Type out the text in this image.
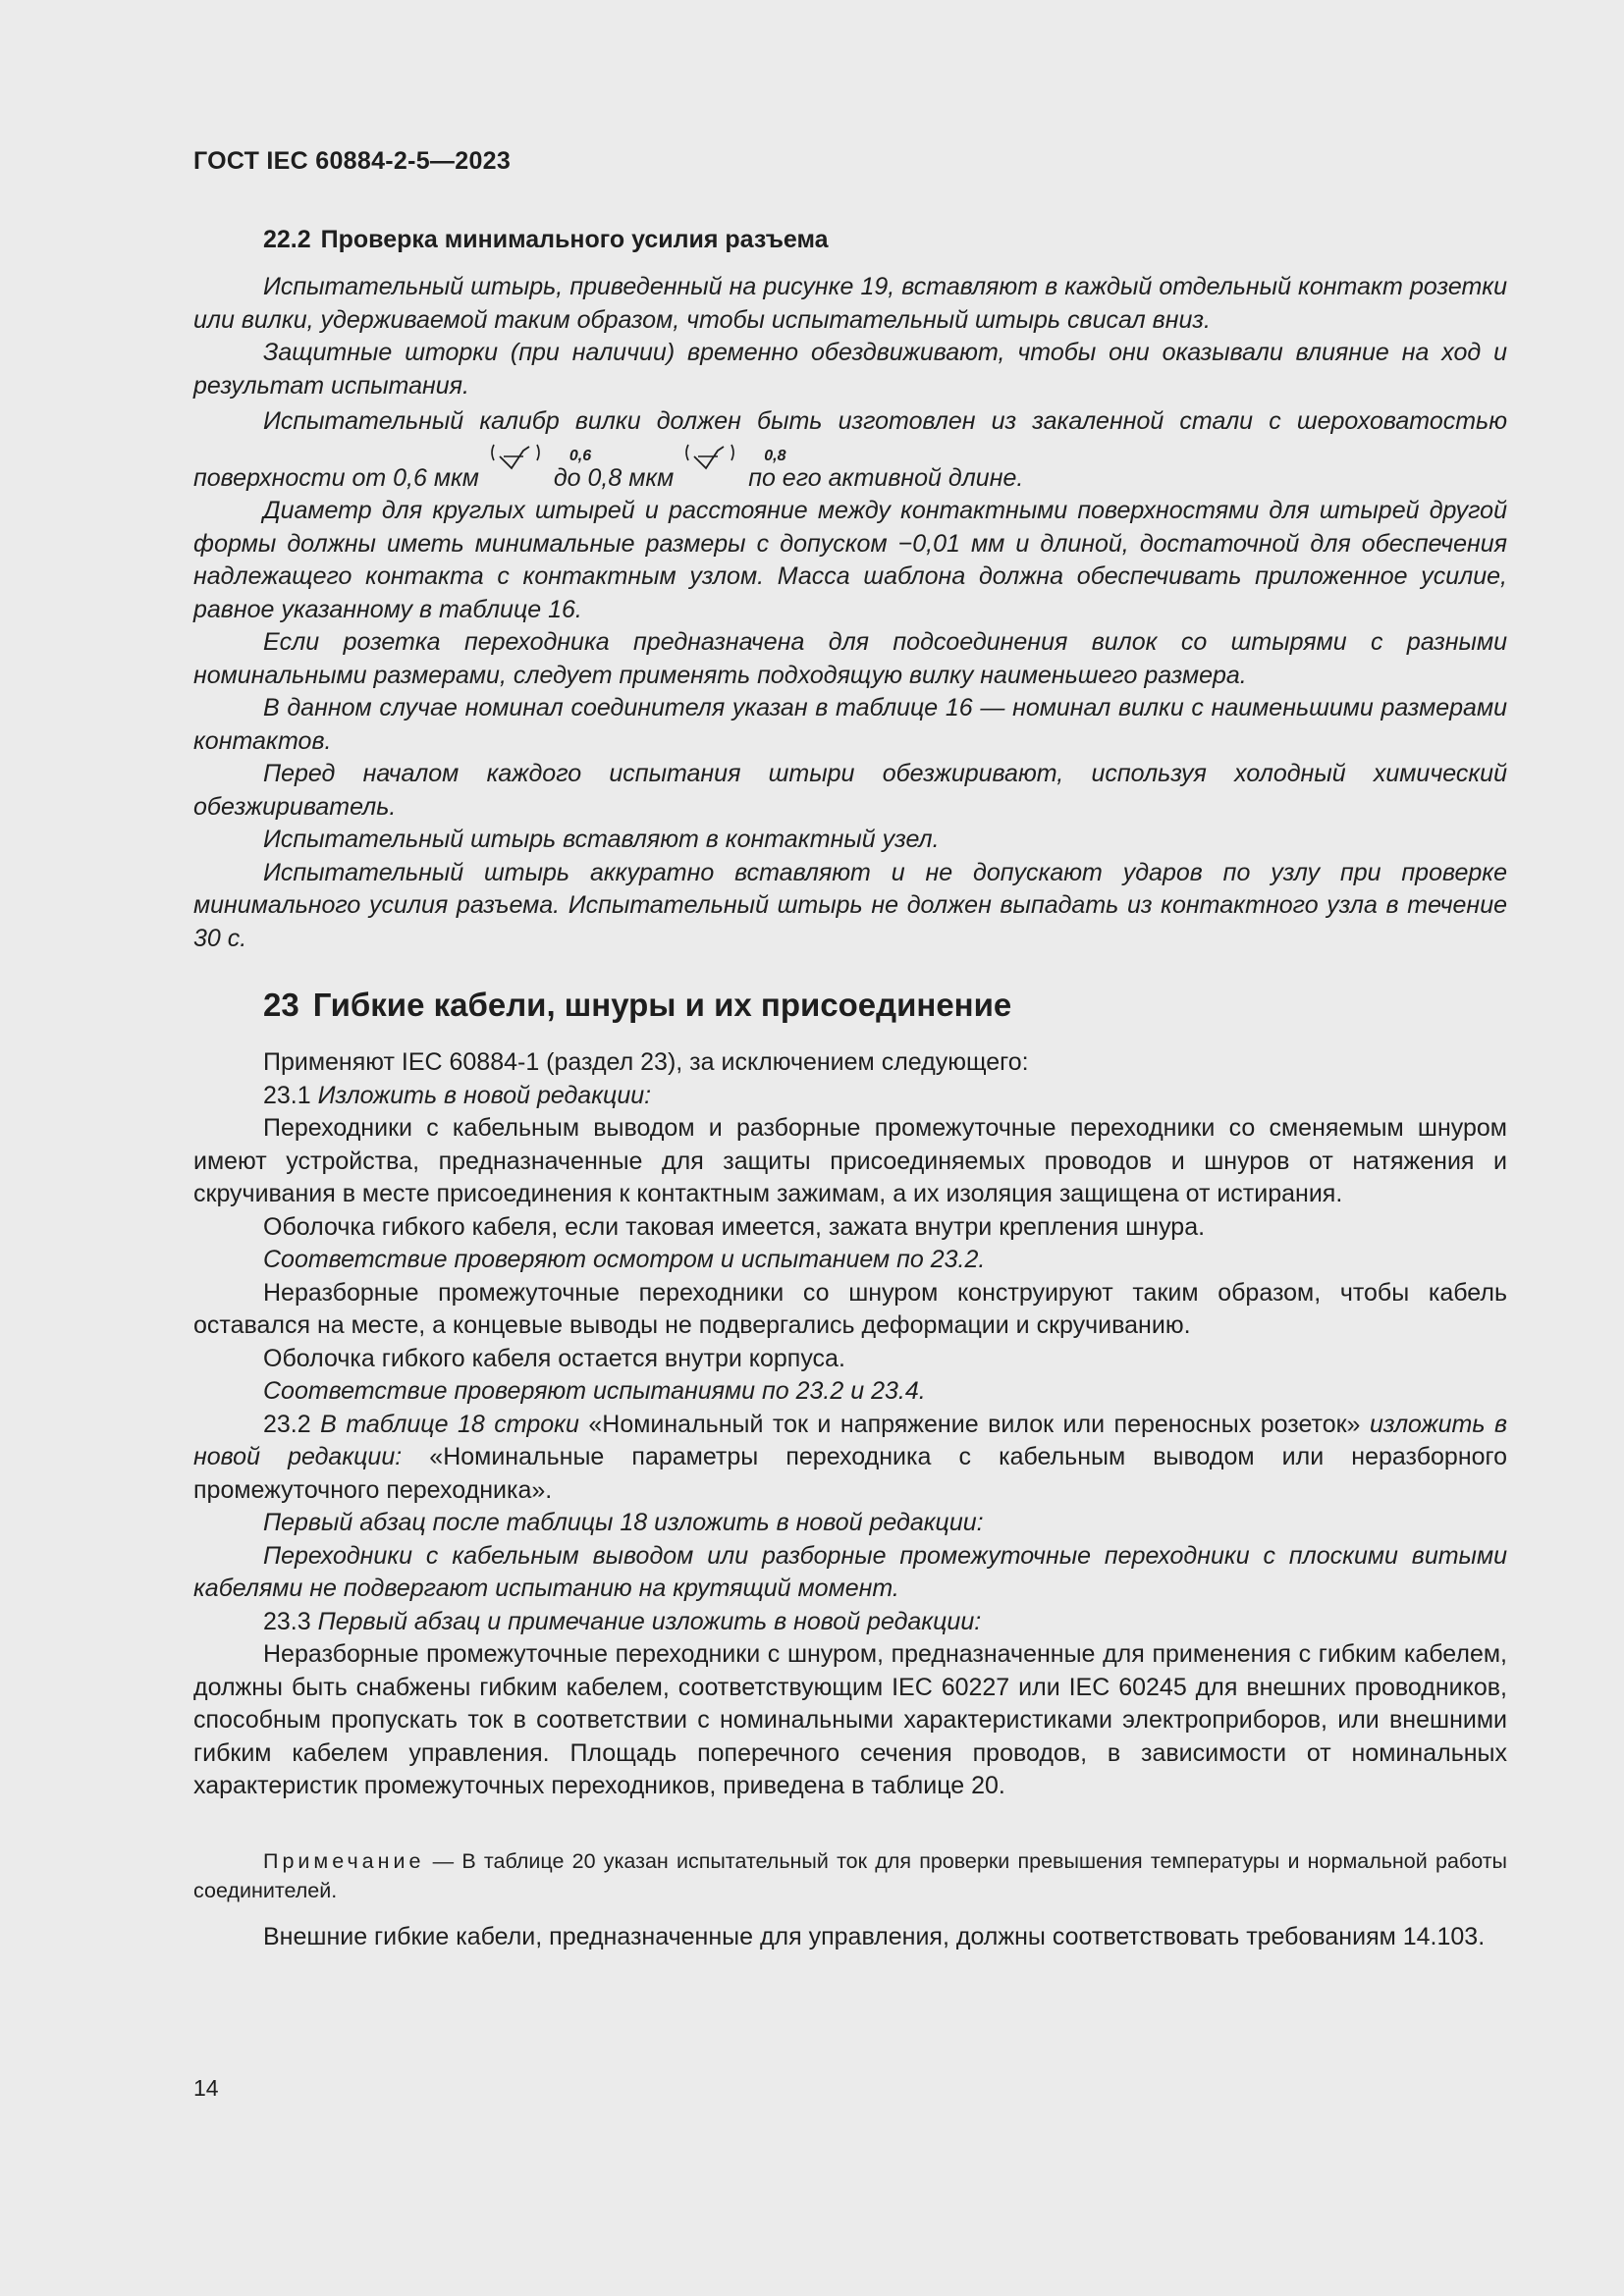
ГОСТ IEC 60884-2-5—2023
22.2 Проверка минимального усилия разъема

Испытательный штырь, приведенный на рисунке 19, вставляют в каждый отдельный контакт розетки или вилки, удерживаемой таким образом, чтобы испытательный штырь свисал вниз.

Защитные шторки (при наличии) временно обездвиживают, чтобы они оказывали влияние на ход и результат испытания.

Испытательный калибр вилки должен быть изготовлен из закаленной стали с шероховатостью поверхности от 0,6 мкм
0,6
до 0,8 мкм
0,8
по его активной длине.

Диаметр для круглых штырей и расстояние между контактными поверхностями для штырей другой формы должны иметь минимальные размеры с допуском −0,01 мм и длиной, достаточной для обеспечения надлежащего контакта с контактным узлом. Масса шаблона должна обеспечивать приложенное усилие, равное указанному в таблице 16.

Если розетка переходника предназначена для подсоединения вилок со штырями с разными номинальными размерами, следует применять подходящую вилку наименьшего размера.

В данном случае номинал соединителя указан в таблице 16 — номинал вилки с наименьшими размерами контактов.

Перед началом каждого испытания штыри обезжиривают, используя холодный химический обезжириватель.

Испытательный штырь вставляют в контактный узел.

Испытательный штырь аккуратно вставляют и не допускают ударов по узлу при проверке минимального усилия разъема. Испытательный штырь не должен выпадать из контактного узла в течение 30 с.

23 Гибкие кабели, шнуры и их присоединение

Применяют IEC 60884-1 (раздел 23), за исключением следующего:

23.1 Изложить в новой редакции:

Переходники с кабельным выводом и разборные промежуточные переходники со сменяемым шнуром имеют устройства, предназначенные для защиты присоединяемых проводов и шнуров от натяжения и скручивания в месте присоединения к контактным зажимам, а их изоляция защищена от истирания.

Оболочка гибкого кабеля, если таковая имеется, зажата внутри крепления шнура.

Соответствие проверяют осмотром и испытанием по 23.2.

Неразборные промежуточные переходники со шнуром конструируют таким образом, чтобы кабель оставался на месте, а концевые выводы не подвергались деформации и скручиванию.

Оболочка гибкого кабеля остается внутри корпуса.

Соответствие проверяют испытаниями по 23.2 и 23.4.

23.2 В таблице 18 строки «Номинальный ток и напряжение вилок или переносных розеток» изложить в новой редакции: «Номинальные параметры переходника с кабельным выводом или неразборного промежуточного переходника».

Первый абзац после таблицы 18 изложить в новой редакции:

Переходники с кабельным выводом или разборные промежуточные переходники с плоскими витыми кабелями не подвергают испытанию на крутящий момент.

23.3 Первый абзац и примечание изложить в новой редакции:

Неразборные промежуточные переходники с шнуром, предназначенные для применения с гибким кабелем, должны быть снабжены гибким кабелем, соответствующим IEC 60227 или IEC 60245 для внешних проводников, способным пропускать ток в соответствии с номинальными характеристиками электроприборов, или внешними гибким кабелем управления. Площадь поперечного сечения проводов, в зависимости от номинальных характеристик промежуточных переходников, приведена в таблице 20.

Примечание — В таблице 20 указан испытательный ток для проверки превышения температуры и нормальной работы соединителей.

Внешние гибкие кабели, предназначенные для управления, должны соответствовать требованиям 14.103.

14
